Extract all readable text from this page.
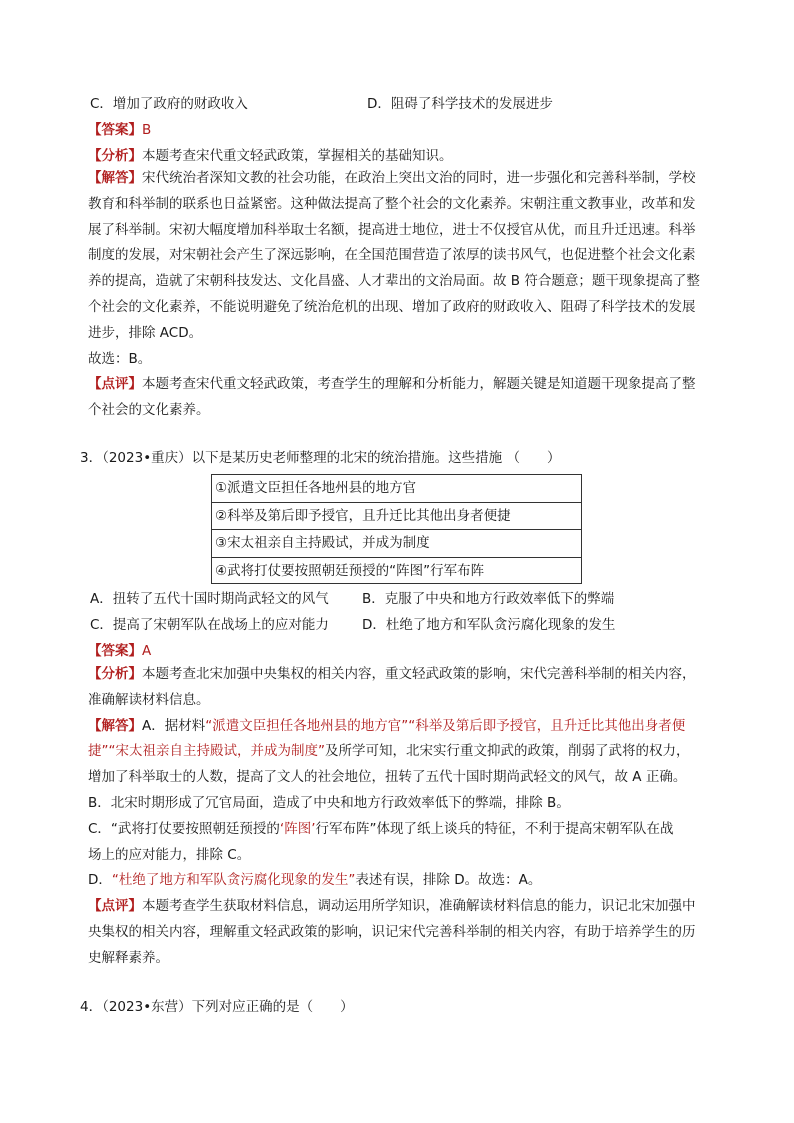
C．增加了政府的财政收入	D．阻碍了科学技术的发展进步
【答案】B
【分析】本题考查宋代重文轻武政策，掌握相关的基础知识。
【解答】宋代统治者深知文教的社会功能，在政治上突出文治的同时，进一步强化和完善科举制，学校
教育和科举制的联系也日益紧密。这种做法提高了整个社会的文化素养。宋朝注重文教事业，改革和发
展了科举制。宋初大幅度增加科举取士名额，提高进士地位，进士不仅授官从优，而且升迁迅速。科举
制度的发展，对宋朝社会产生了深远影响，在全国范围营造了浓厚的读书风气，也促进整个社会文化素
养的提高，造就了宋朝科技发达、文化昌盛、人才辈出的文治局面。故 B 符合题意；题干现象提高了整
个社会的文化素养，不能说明避免了统治危机的出现、增加了政府的财政收入、阻碍了科学技术的发展
进步，排除 ACD。
故选：B。
【点评】本题考查宋代重文轻武政策，考查学生的理解和分析能力，解题关键是知道题干现象提高了整
个社会的文化素养。
3．（2023•重庆）以下是某历史老师整理的北宋的统治措施。这些措施 （　　）
①派遣文臣担任各地州县的地方官
②科举及第后即予授官，且升迁比其他出身者便捷
③宋太祖亲自主持殿试，并成为制度
④武将打仗要按照朝廷预授的“阵图”行军布阵
A．扭转了五代十国时期尚武轻文的风气 B．克服了中央和地方行政效率低下的弊端
C．提高了宋朝军队在战场上的应对能力 D．杜绝了地方和军队贪污腐化现象的发生
【答案】A
【分析】本题考查北宋加强中央集权的相关内容，重文轻武政策的影响，宋代完善科举制的相关内容，
准确解读材料信息。
【解答】A．据材料“派遣文臣担任各地州县的地方官”“科举及第后即予授官，且升迁比其他出身者便
捷”“宋太祖亲自主持殿试，并成为制度”及所学可知，北宋实行重文抑武的政策，削弱了武将的权力，
增加了科举取士的人数，提高了文人的社会地位，扭转了五代十国时期尚武轻文的风气，故 A 正确。
B．北宋时期形成了冗官局面，造成了中央和地方行政效率低下的弊端，排除 B。
C．“武将打仗要按照朝廷预授的‘阵图’行军布阵”体现了纸上谈兵的特征，不利于提高宋朝军队在战
场上的应对能力，排除 C。
D．“杜绝了地方和军队贪污腐化现象的发生”表述有误，排除 D。故选：A。
【点评】本题考查学生获取材料信息，调动运用所学知识，准确解读材料信息的能力，识记北宋加强中
央集权的相关内容，理解重文轻武政策的影响，识记宋代完善科举制的相关内容，有助于培养学生的历
史解释素养。
4．（2023•东营）下列对应正确的是（　　）
